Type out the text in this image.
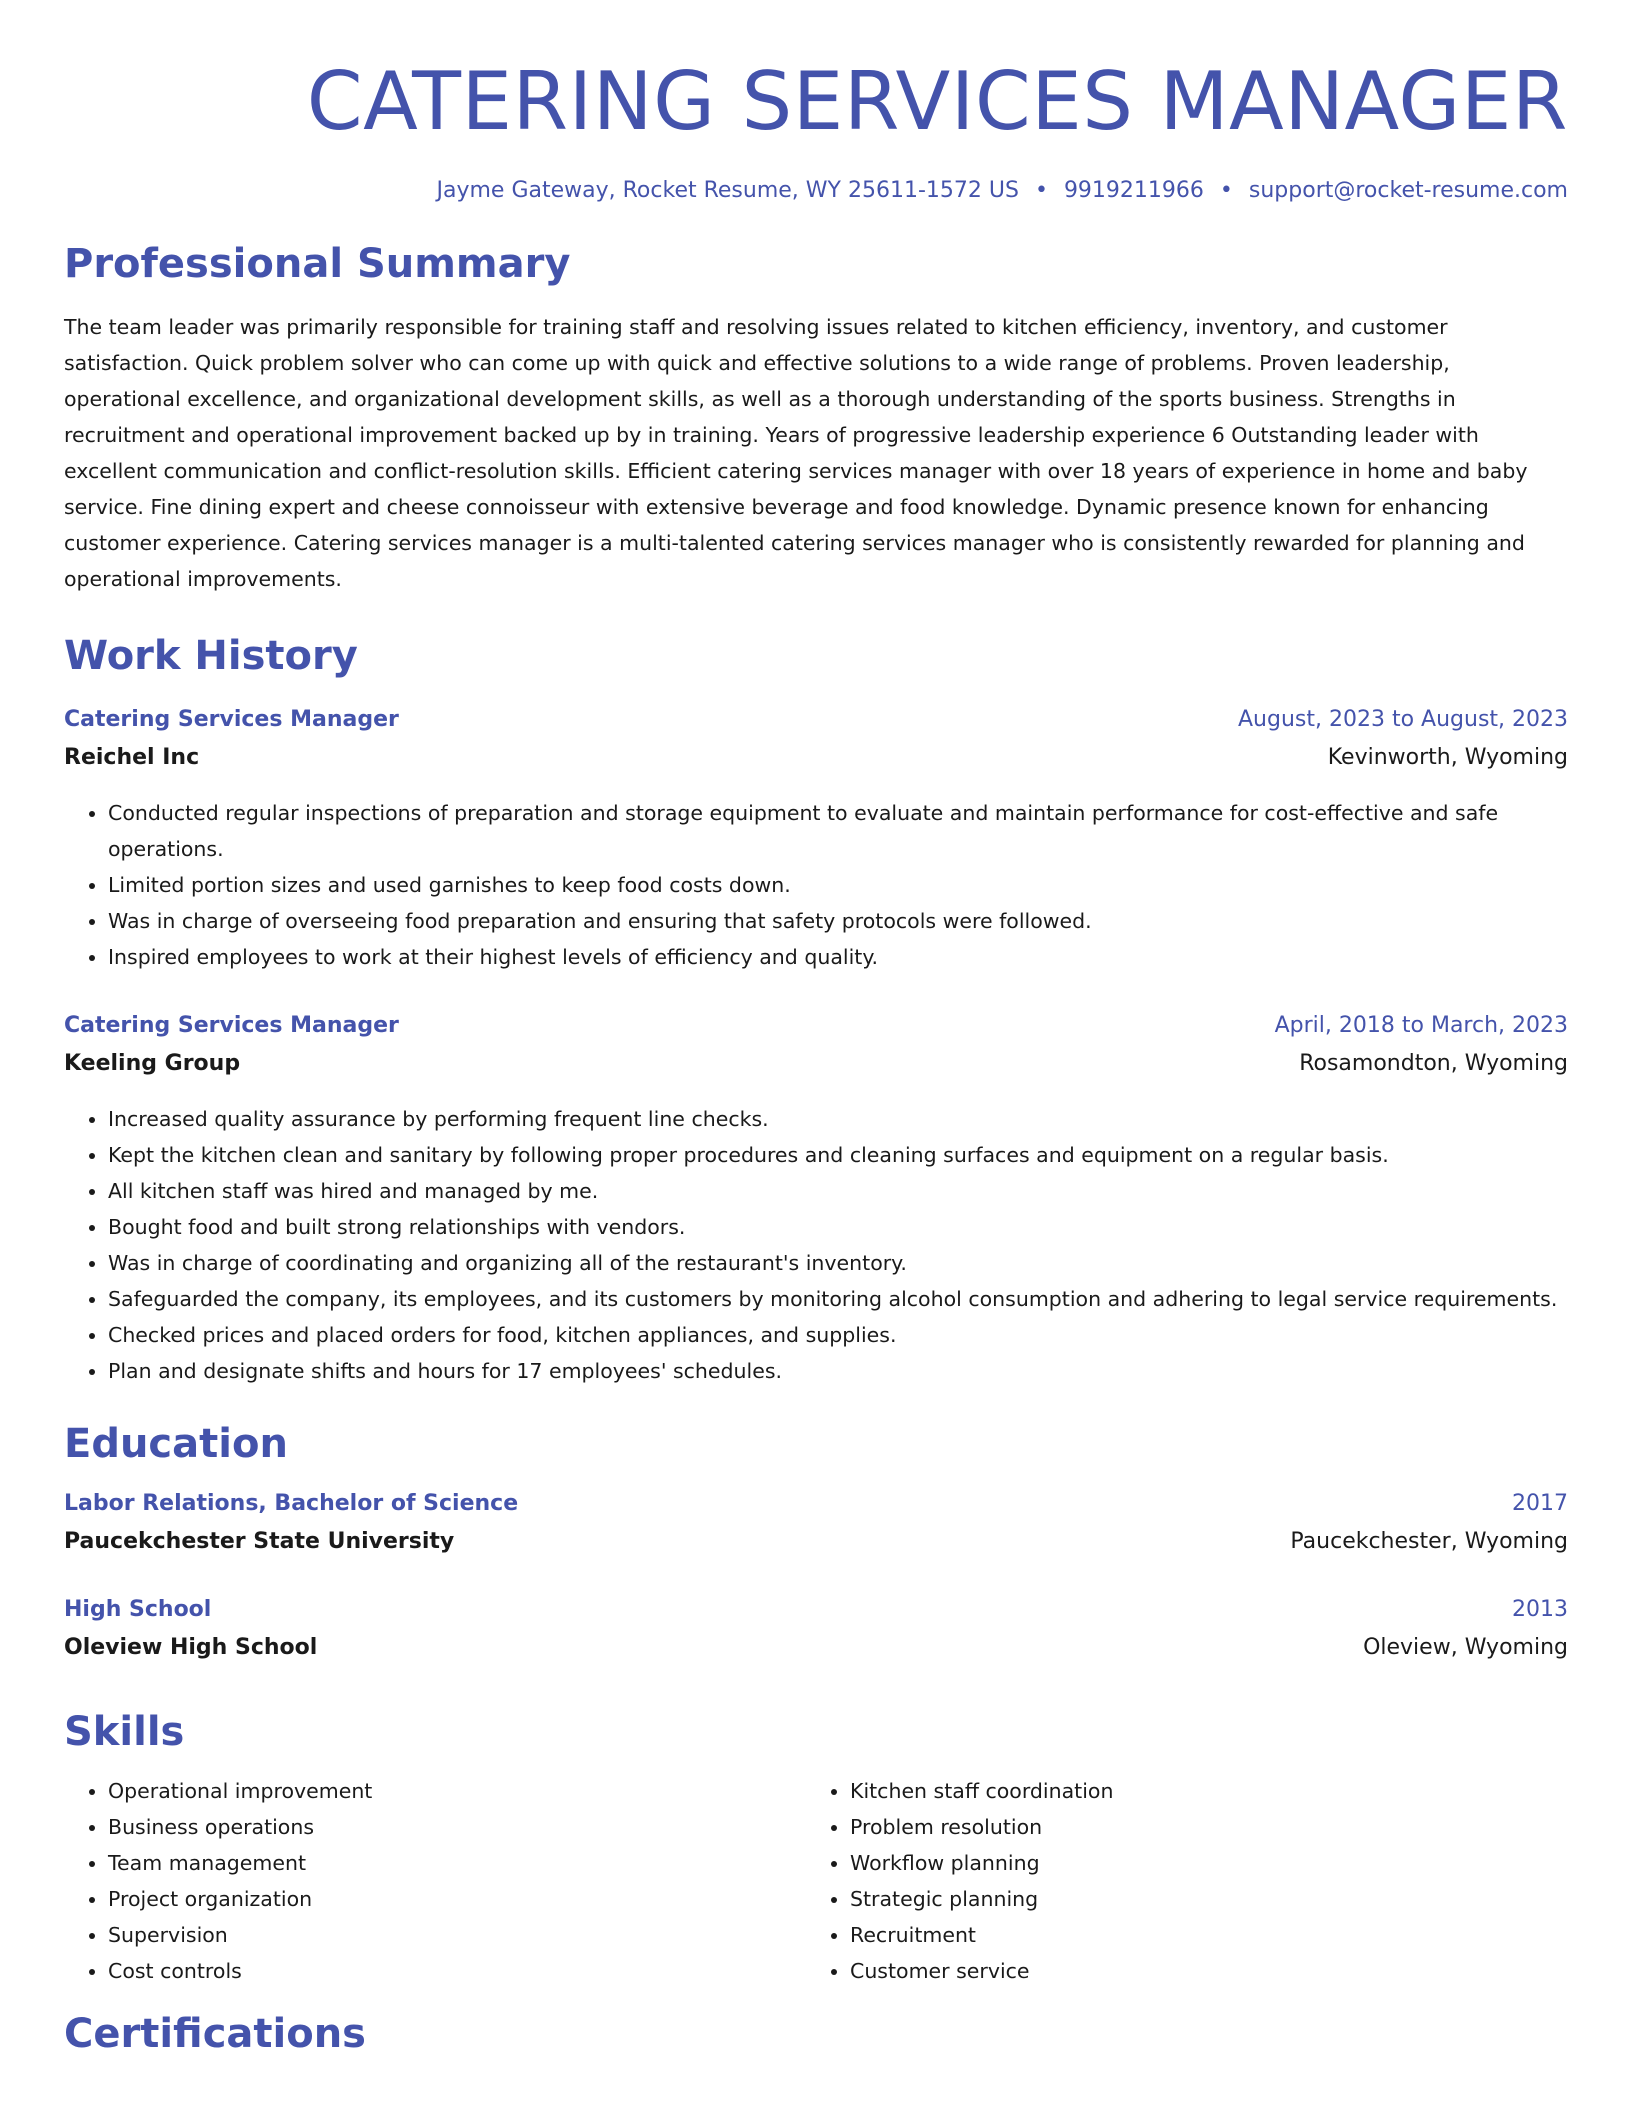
CATERING SERVICES MANAGER
Jayme Gateway, Rocket Resume, WY 25611-1572 US • 9919211966 • support@rocket-resume.com
Professional Summary
The team leader was primarily responsible for training staff and resolving issues related to kitchen efficiency, inventory, and customer satisfaction. Quick problem solver who can come up with quick and effective solutions to a wide range of problems. Proven leadership, operational excellence, and organizational development skills, as well as a thorough understanding of the sports business. Strengths in recruitment and operational improvement backed up by in training. Years of progressive leadership experience 6 Outstanding leader with excellent communication and conflict-resolution skills. Efficient catering services manager with over 18 years of experience in home and baby service. Fine dining expert and cheese connoisseur with extensive beverage and food knowledge. Dynamic presence known for enhancing customer experience. Catering services manager is a multi-talented catering services manager who is consistently rewarded for planning and operational improvements.
Work History
Catering Services Manager	August, 2023 to August, 2023
Reichel Inc	Kevinworth, Wyoming
• Conducted regular inspections of preparation and storage equipment to evaluate and maintain performance for cost-effective and safe operations.
• Limited portion sizes and used garnishes to keep food costs down.
• Was in charge of overseeing food preparation and ensuring that safety protocols were followed.
• Inspired employees to work at their highest levels of efficiency and quality.
Catering Services Manager	April, 2018 to March, 2023
Keeling Group	Rosamondton, Wyoming
• Increased quality assurance by performing frequent line checks.
• Kept the kitchen clean and sanitary by following proper procedures and cleaning surfaces and equipment on a regular basis.
• All kitchen staff was hired and managed by me.
• Bought food and built strong relationships with vendors.
• Was in charge of coordinating and organizing all of the restaurant's inventory.
• Safeguarded the company, its employees, and its customers by monitoring alcohol consumption and adhering to legal service requirements.
• Checked prices and placed orders for food, kitchen appliances, and supplies.
• Plan and designate shifts and hours for 17 employees' schedules.
Education
Labor Relations, Bachelor of Science	2017
Paucekchester State University	Paucekchester, Wyoming
High School	2013
Oleview High School	Oleview, Wyoming
Skills
• Operational improvement
• Business operations
• Team management
• Project organization
• Supervision
• Cost controls
• Kitchen staff coordination
• Problem resolution
• Workflow planning
• Strategic planning
• Recruitment
• Customer service
Certifications
